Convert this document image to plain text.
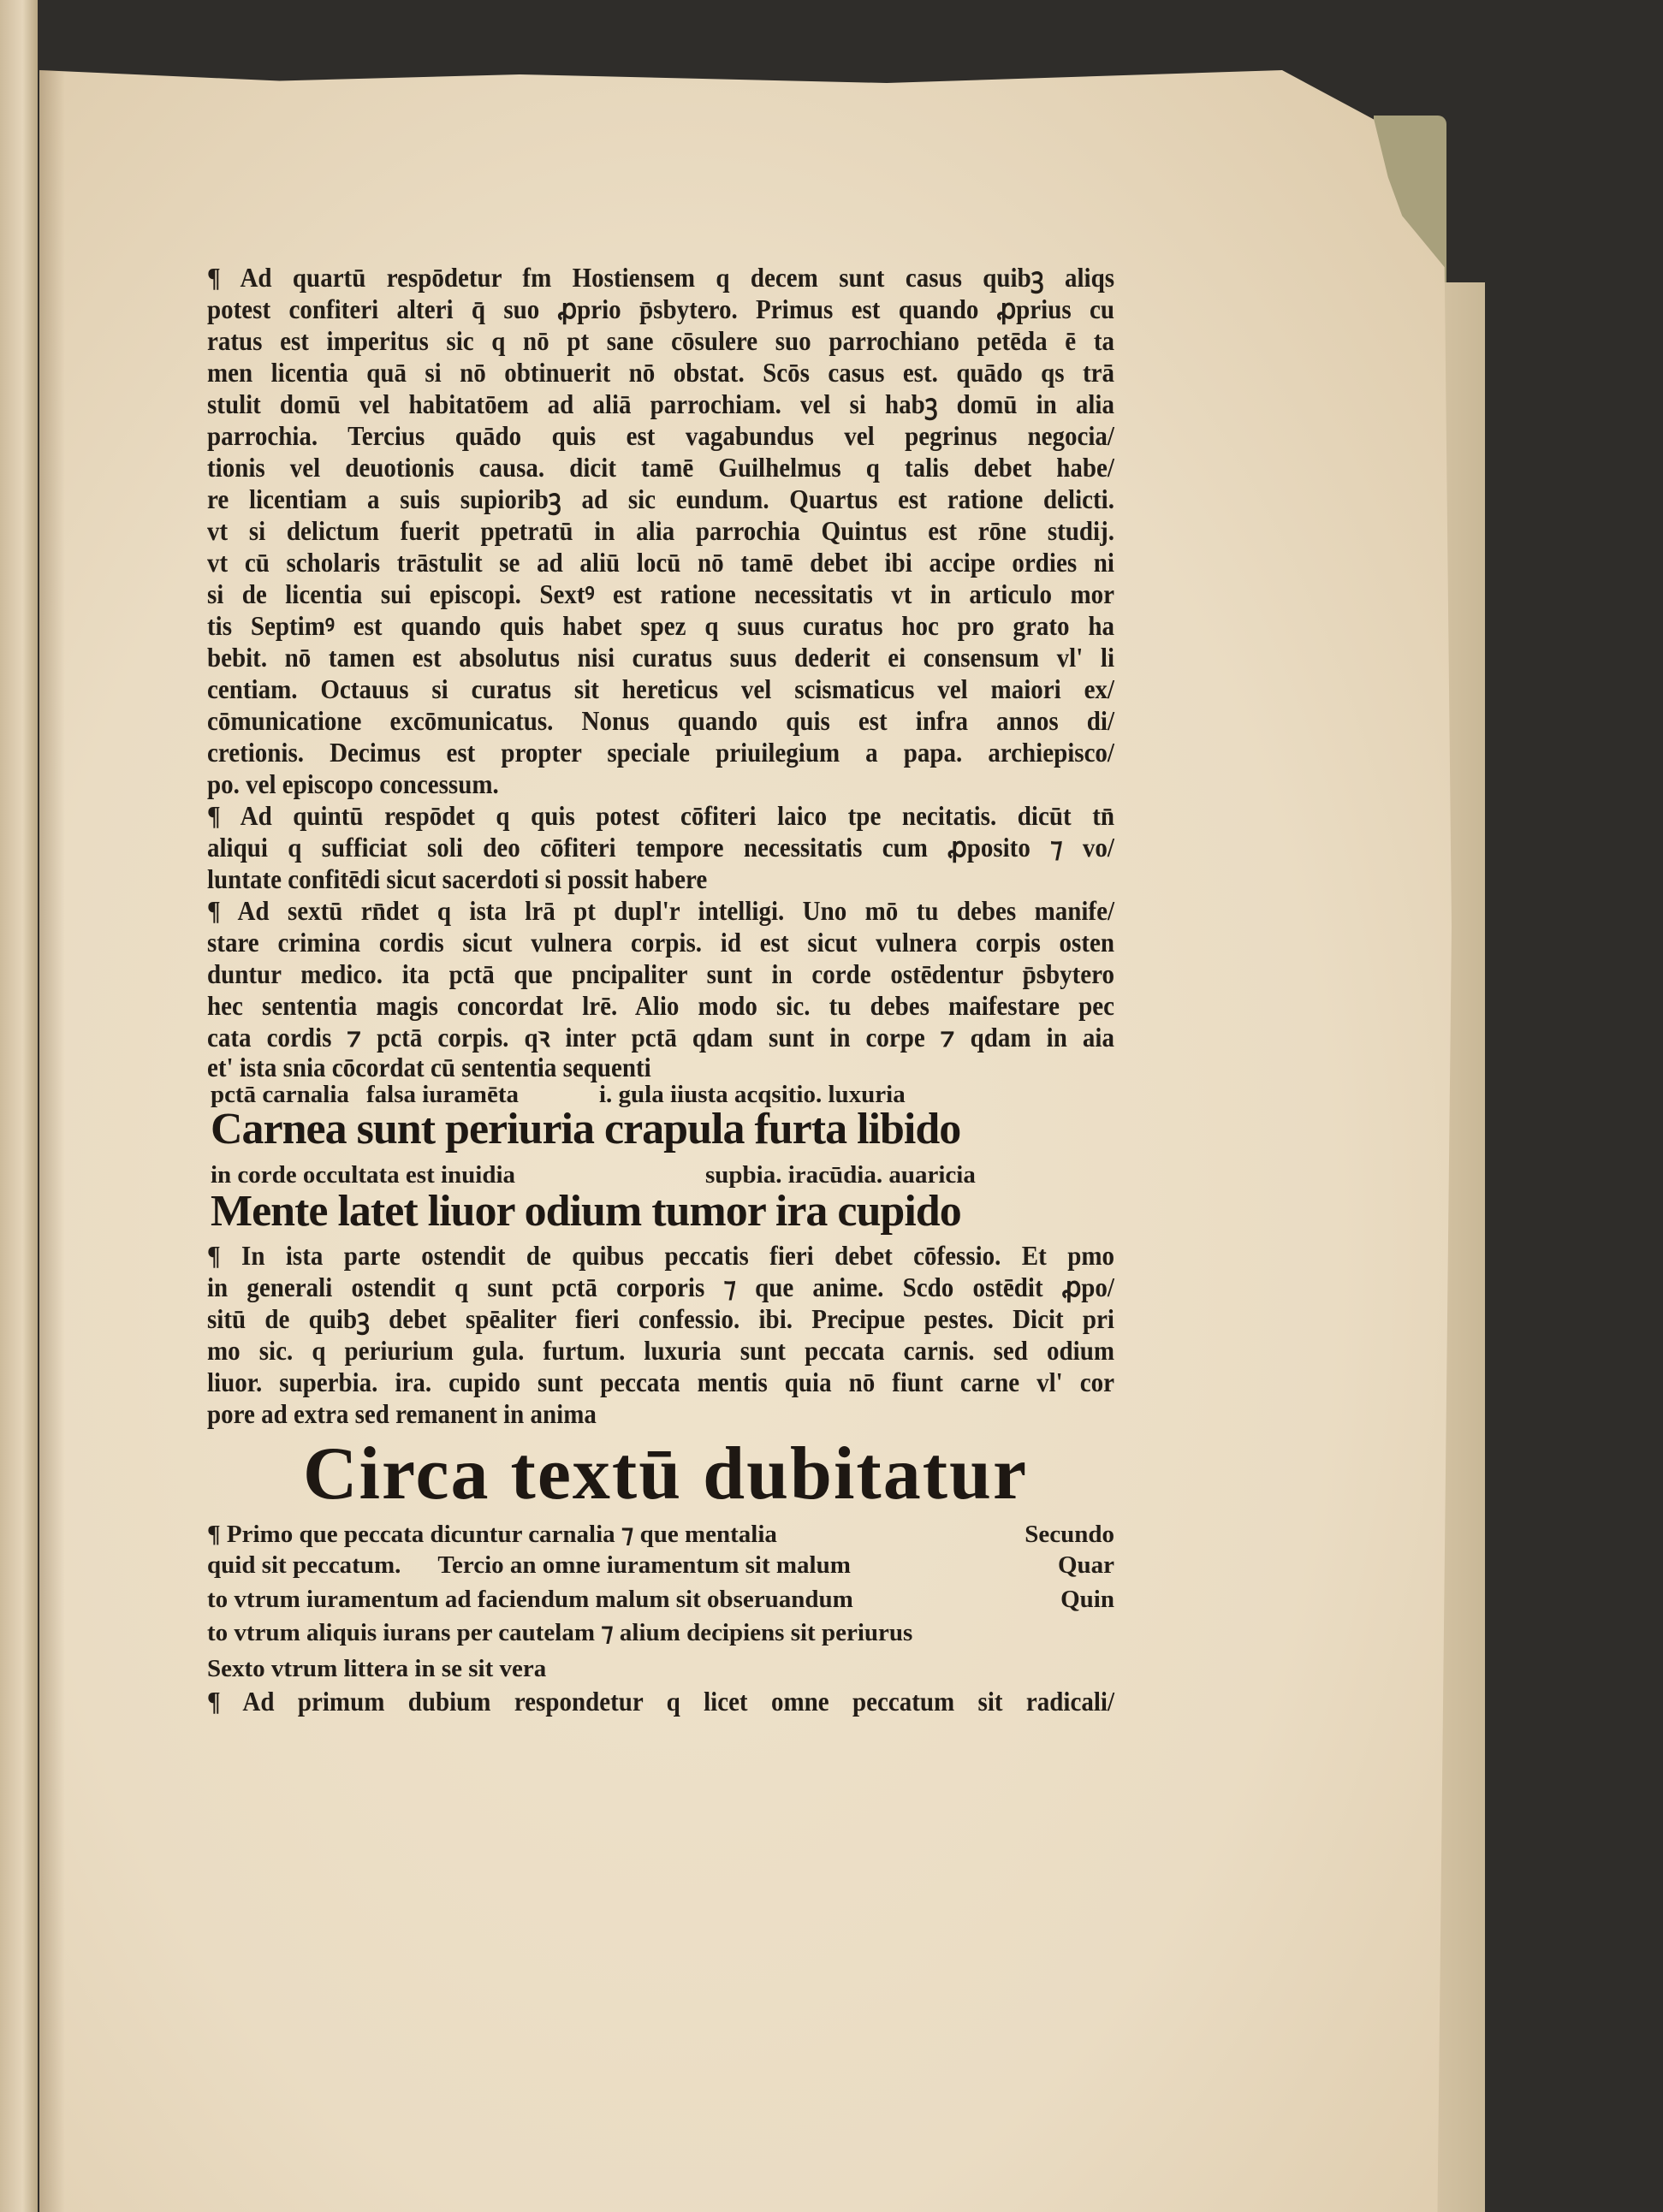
¶ Ad quartū respōdetur fm Hostiensem q decem sunt casus quibꝫ aliqs
potest confiteri alteri q̄ suo ꝓprio p̄sbytero. Primus est quando ꝓprius cu
ratus est imperitus sic q nō pt sane cōsulere suo parrochiano petēda ē ta
men licentia quā si nō obtinuerit nō obstat. Scōs casus est. quādo qs trā
stulit domū vel habitatōem ad aliā parrochiam. vel si habꝫ domū in alia
parrochia. Tercius quādo quis est vagabundus vel pegrinus negocia/
tionis vel deuotionis causa. dicit tamē Guilhelmus q talis debet habe/
re licentiam a suis supioribꝫ ad sic eundum. Quartus est ratione delicti.
vt si delictum fuerit ppetratū in alia parrochia Quintus est rōne studij.
vt cū scholaris trāstulit se ad aliū locū nō tamē debet ibi accipe ordies ni
si de licentia sui episcopi. Sextꝰ est ratione necessitatis vt in articulo mor
tis Septimꝰ est quando quis habet spez q suus curatus hoc pro grato ha
bebit. nō tamen est absolutus nisi curatus suus dederit ei consensum vl' li
centiam. Octauus si curatus sit hereticus vel scismaticus vel maiori ex/
cōmunicatione excōmunicatus. Nonus quando quis est infra annos di/
cretionis. Decimus est propter speciale priuilegium a papa. archiepisco/
po. vel episcopo concessum.
¶ Ad quintū respōdet q quis potest cōfiteri laico tpe necitatis. dicūt tn̄
aliqui q sufficiat soli deo cōfiteri tempore necessitatis cum ꝓposito ⁊ vo/
luntate confitēdi sicut sacerdoti si possit habere
¶ Ad sextū rn̄det q ista lrā pt dupl'r intelligi. Uno mō tu debes manife/
stare crimina cordis sicut vulnera corpis. id est sicut vulnera corpis osten
duntur medico. ita pctā que pncipaliter sunt in corde ostēdentur p̄sbytero
hec sententia magis concordat lrē. Alio modo sic. tu debes maifestare pec
cata cordis ⁊ pctā corpis. qꝛ inter pctā qdam sunt in corpe ⁊ qdam in aia
et' ista snia cōcordat cū sententia sequenti
pctā carnalia falsa iuramēta	i. gula iiusta acqsitio. luxuria
Carnea sunt periuria crapula furta libido
in corde occultata est inuidia	supbia. iracūdia. auaricia
Mente latet liuor odium tumor ira cupido
¶ In ista parte ostendit de quibus peccatis fieri debet cōfessio. Et pmo
in generali ostendit q sunt pctā corporis ⁊ que anime. Scdo ostēdit ꝓpo/
sitū de quibꝫ debet spēaliter fieri confessio. ibi. Precipue pestes. Dicit pri
mo sic. q periurium gula. furtum. luxuria sunt peccata carnis. sed odium
liuor. superbia. ira. cupido sunt peccata mentis quia nō fiunt carne vl' cor
pore ad extra sed remanent in anima
Circa textū dubitatur
¶ Primo que peccata dicuntur carnalia ⁊ que mentalia	Secundo
quid sit peccatum.      Tercio an omne iuramentum sit malum	Quar
to vtrum iuramentum ad faciendum malum sit obseruandum	Quin
to vtrum aliquis iurans per cautelam ⁊ alium decipiens sit periurus
Sexto vtrum littera in se sit vera
¶ Ad primum dubium respondetur q licet omne peccatum sit radicali/
